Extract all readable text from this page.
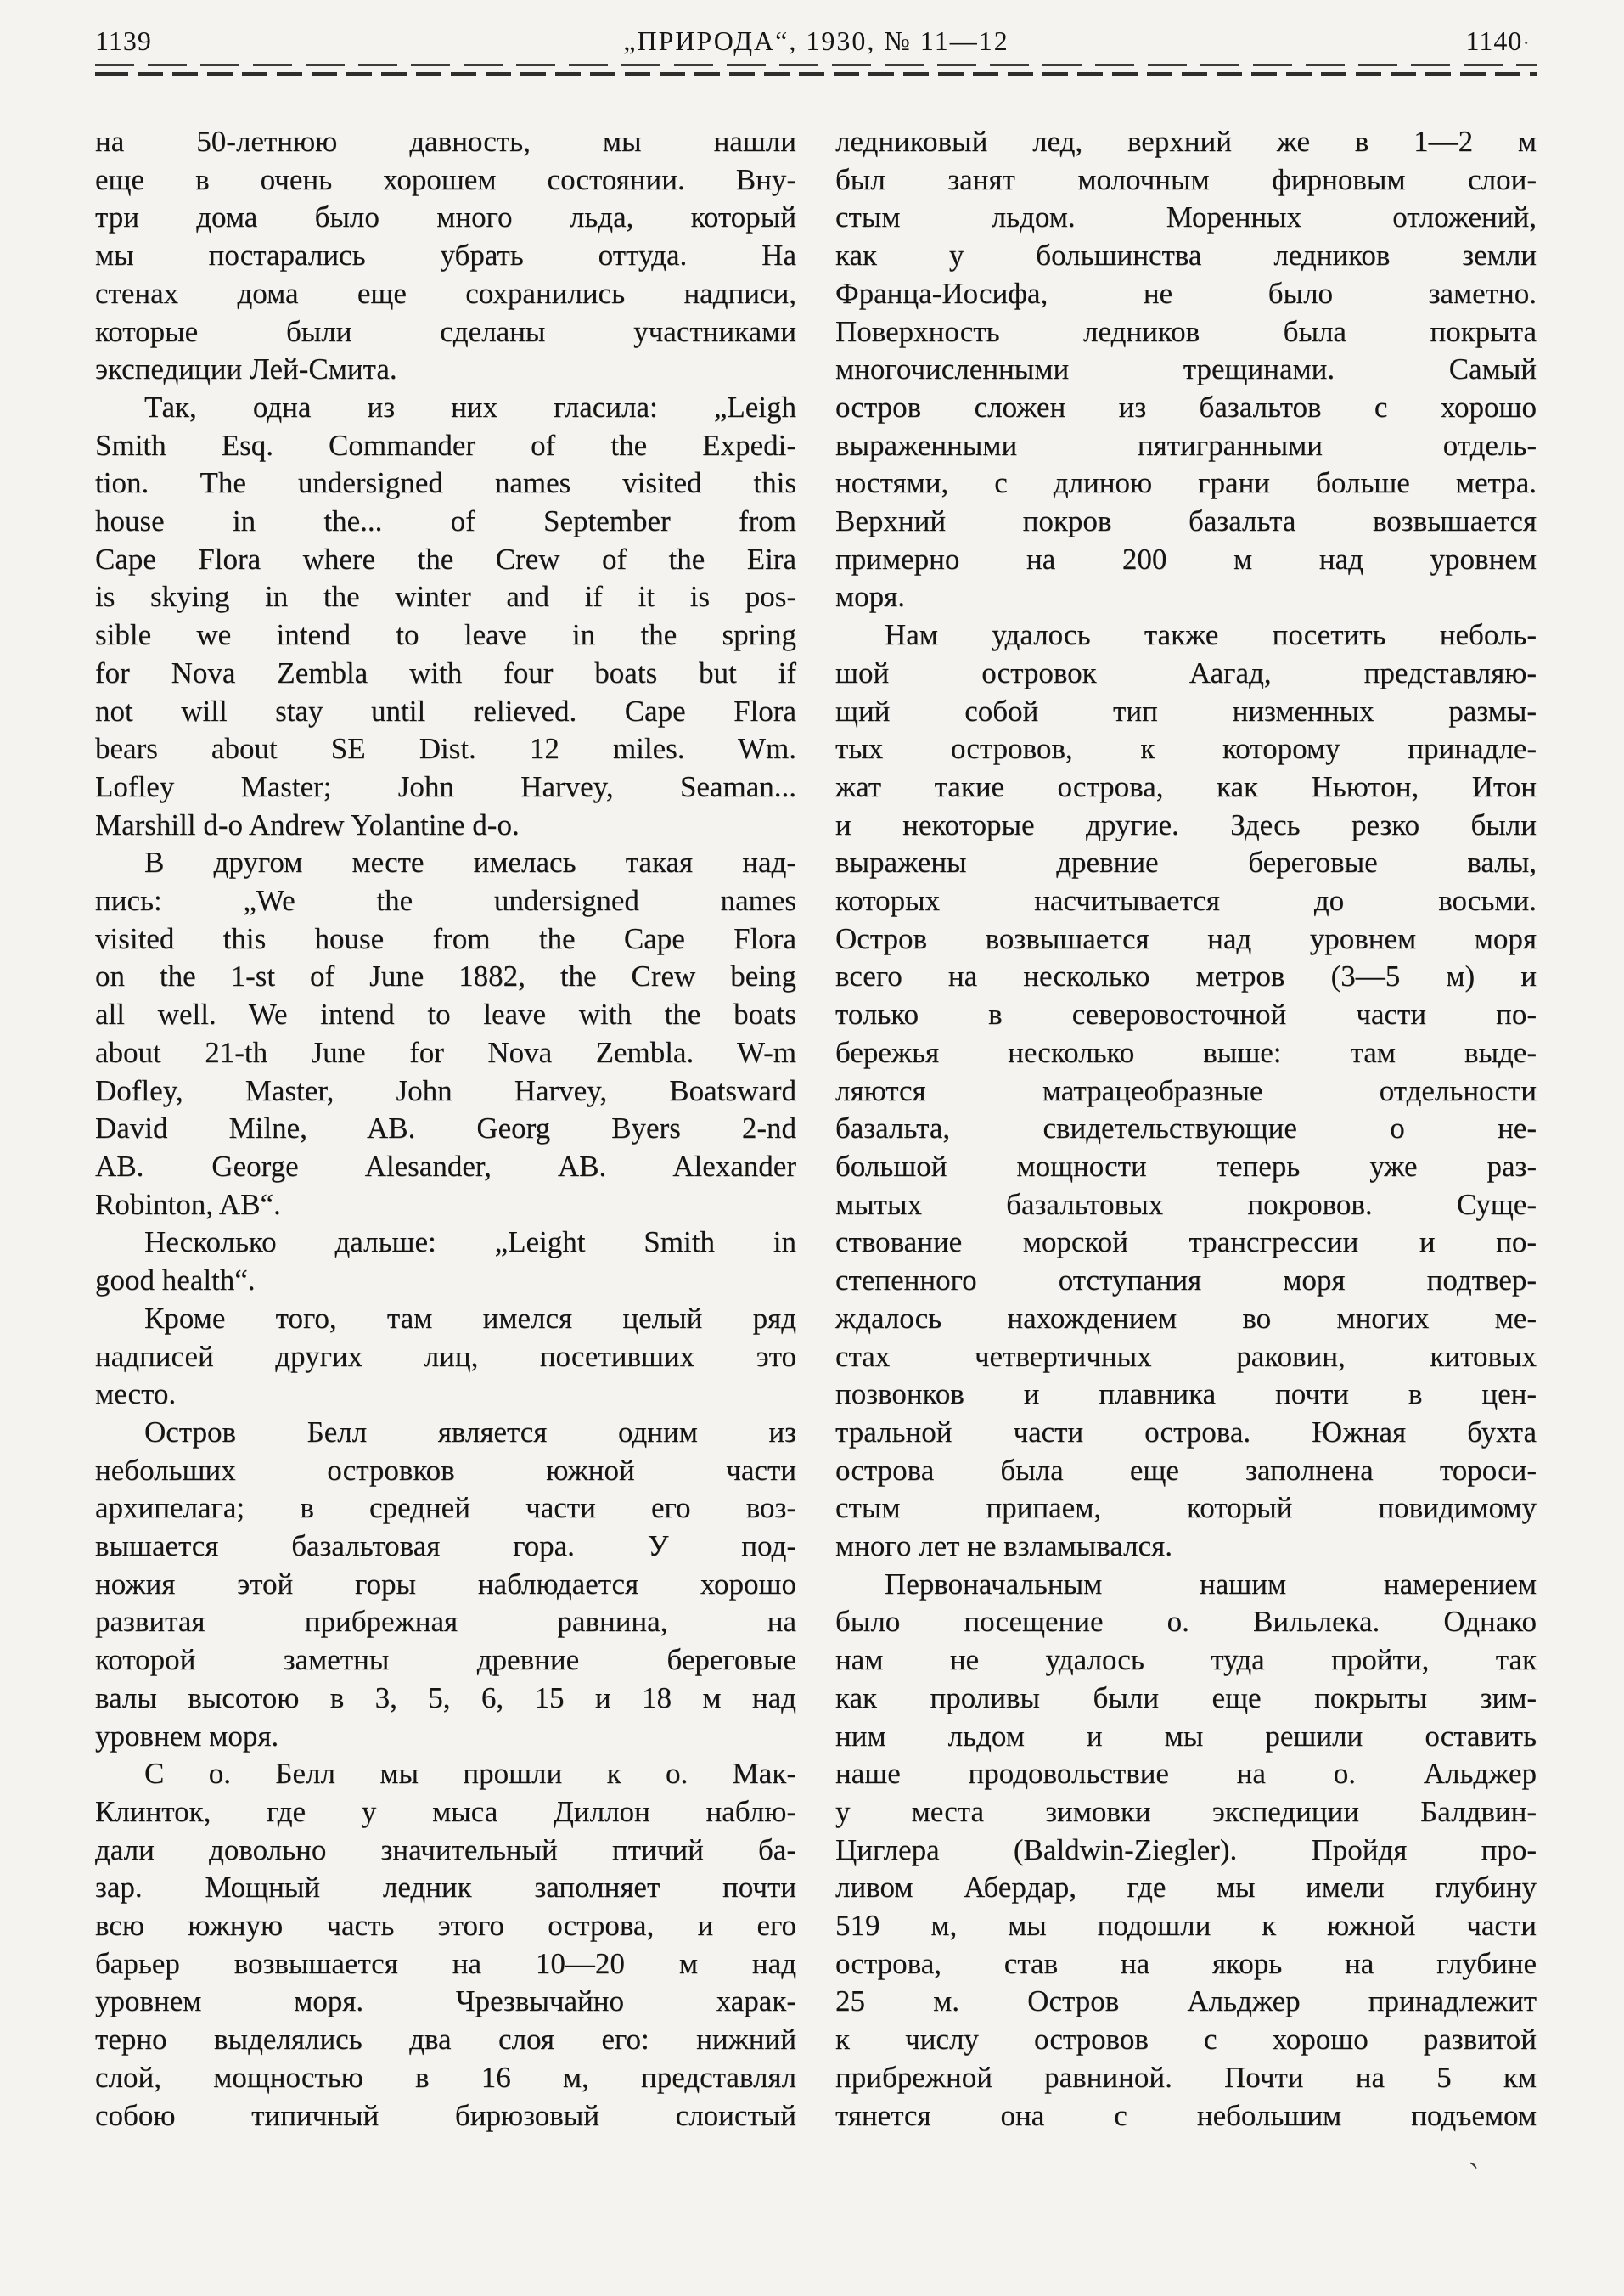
1139	„ПРИРОДА“, 1930, № 11—12	1140·
на 50-летнюю давность, мы нашли
еще в очень хорошем состоянии. Вну-
три дома было много льда, который
мы постарались убрать оттуда. На
стенах дома еще сохранились надписи,
которые были сделаны участниками
экспедиции Лей-Смита.
Так, одна из них гласила: „Leigh
Smith Esq. Commander of the Expedi-
tion. The undersigned names visited this
house in the... of September from
Cape Flora where the Crew of the Eira
is skying in the winter and if it is pos-
sible we intend to leave in the spring
for Nova Zembla with four boats but if
not will stay until relieved. Cape Flora
bears about SE Dist. 12 miles. Wm.
Lofley Master; John Harvey, Seaman...
Marshill d-o Andrew Yolantine d-o.
В другом месте имелась такая над-
пись: „We the undersigned names
visited this house from the Cape Flora
on the 1-st of June 1882, the Crew being
all well. We intend to leave with the boats
about 21-th June for Nova Zembla. W-m
Dofley, Master, John Harvey, Boatsward
David Milne, AB. Georg Byers 2-nd
AB. George Alesander, AB. Alexander
Robinton, AB“.
Несколько дальше: „Leight Smith in
good health“.
Кроме того, там имелся целый ряд
надписей других лиц, посетивших это
место.
Остров Белл является одним из
небольших островков южной части
архипелага; в средней части его воз-
вышается базальтовая гора. У под-
ножия этой горы наблюдается хорошо
развитая прибрежная равнина, на
которой заметны древние береговые
валы высотою в 3, 5, 6, 15 и 18 м над
уровнем моря.
С о. Белл мы прошли к о. Мак-
Клинток, где у мыса Диллон наблю-
дали довольно значительный птичий ба-
зар. Мощный ледник заполняет почти
всю южную часть этого острова, и его
барьер возвышается на 10—20 м над
уровнем моря. Чрезвычайно харак-
терно выделялись два слоя его: нижний
слой, мощностью в 16 м, представлял
собою типичный бирюзовый слоистый
ледниковый лед, верхний же в 1—2 м
был занят молочным фирновым слои-
стым льдом. Моренных отложений,
как у большинства ледников земли
Франца-Иосифа, не было заметно.
Поверхность ледников была покрыта
многочисленными трещинами. Самый
остров сложен из базальтов с хорошо
выраженными пятигранными отдель-
ностями, с длиною грани больше метра.
Верхний покров базальта возвышается
примерно на 200 м над уровнем
моря.
Нам удалось также посетить неболь-
шой островок Аагад, представляю-
щий собой тип низменных размы-
тых островов, к которому принадле-
жат такие острова, как Ньютон, Итон
и некоторые другие. Здесь резко были
выражены древние береговые валы,
которых насчитывается до восьми.
Остров возвышается над уровнем моря
всего на несколько метров (3—5 м) и
только в северовосточной части по-
бережья несколько выше: там выде-
ляются матрацеобразные отдельности
базальта, свидетельствующие о не-
большой мощности теперь уже раз-
мытых базальтовых покровов. Суще-
ствование морской трансгрессии и по-
степенного отступания моря подтвер-
ждалось нахождением во многих ме-
стах четвертичных раковин, китовых
позвонков и плавника почти в цен-
тральной части острова. Южная бухта
острова была еще заполнена тороси-
стым припаем, который повидимому
много лет не взламывался.
Первоначальным нашим намерением
было посещение о. Вильлека. Однако
нам не удалось туда пройти, так
как проливы были еще покрыты зим-
ним льдом и мы решили оставить
наше продовольствие на о. Альджер
у места зимовки экспедиции Балдвин-
Циглера (Baldwin-Ziegler). Пройдя про-
ливом Абердар, где мы имели глубину
519 м, мы подошли к южной части
острова, став на якорь на глубине
25 м. Остров Альджер принадлежит
к числу островов с хорошо развитой
прибрежной равниной. Почти на 5 км
тянется она с небольшим подъемом
ˋ
